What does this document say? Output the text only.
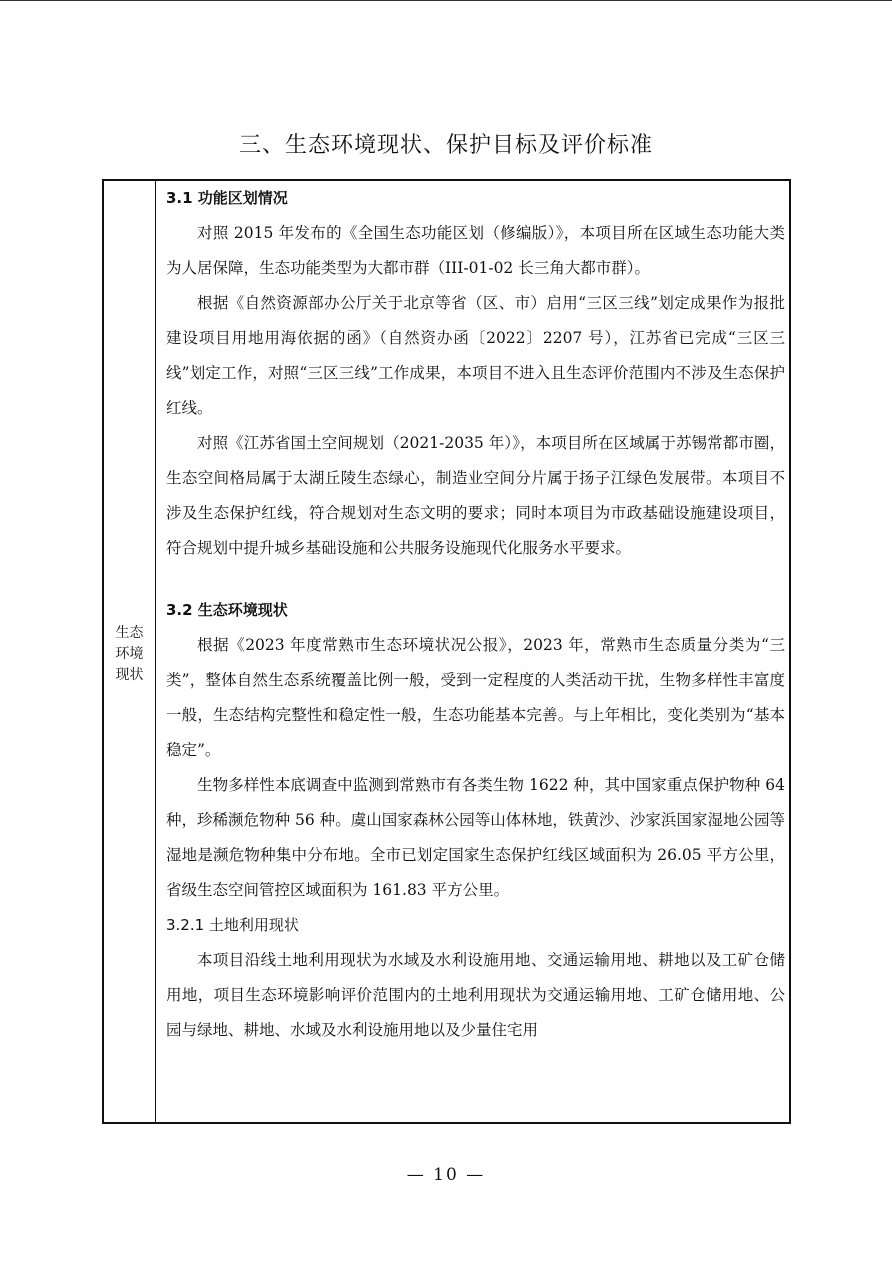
三、生态环境现状、保护目标及评价标准
生态
环境
现状

3.1 功能区划情况

对照 2015 年发布的《全国生态功能区划（修编版）》，本项目所在区域生态功能大类为人居保障，生态功能类型为大都市群（III-01-02 长三角大都市群）。

根据《自然资源部办公厅关于北京等省（区、市）启用“三区三线”划定成果作为报批建设项目用地用海依据的函》（自然资办函〔2022〕2207 号），江苏省已完成“三区三线”划定工作，对照“三区三线”工作成果，本项目不进入且生态评价范围内不涉及生态保护红线。

对照《江苏省国土空间规划（2021-2035 年）》，本项目所在区域属于苏锡常都市圈，生态空间格局属于太湖丘陵生态绿心，制造业空间分片属于扬子江绿色发展带。本项目不涉及生态保护红线，符合规划对生态文明的要求；同时本项目为市政基础设施建设项目，符合规划中提升城乡基础设施和公共服务设施现代化服务水平要求。

3.2 生态环境现状

根据《2023 年度常熟市生态环境状况公报》，2023 年，常熟市生态质量分类为“三类”，整体自然生态系统覆盖比例一般，受到一定程度的人类活动干扰，生物多样性丰富度一般，生态结构完整性和稳定性一般，生态功能基本完善。与上年相比，变化类别为“基本稳定”。

生物多样性本底调查中监测到常熟市有各类生物 1622 种，其中国家重点保护物种 64 种，珍稀濒危物种 56 种。虞山国家森林公园等山体林地，铁黄沙、沙家浜国家湿地公园等湿地是濒危物种集中分布地。全市已划定国家生态保护红线区域面积为 26.05 平方公里，省级生态空间管控区域面积为 161.83 平方公里。

3.2.1 土地利用现状

本项目沿线土地利用现状为水域及水利设施用地、交通运输用地、耕地以及工矿仓储用地，项目生态环境影响评价范围内的土地利用现状为交通运输用地、工矿仓储用地、公园与绿地、耕地、水域及水利设施用地以及少量住宅用

— 10 —
